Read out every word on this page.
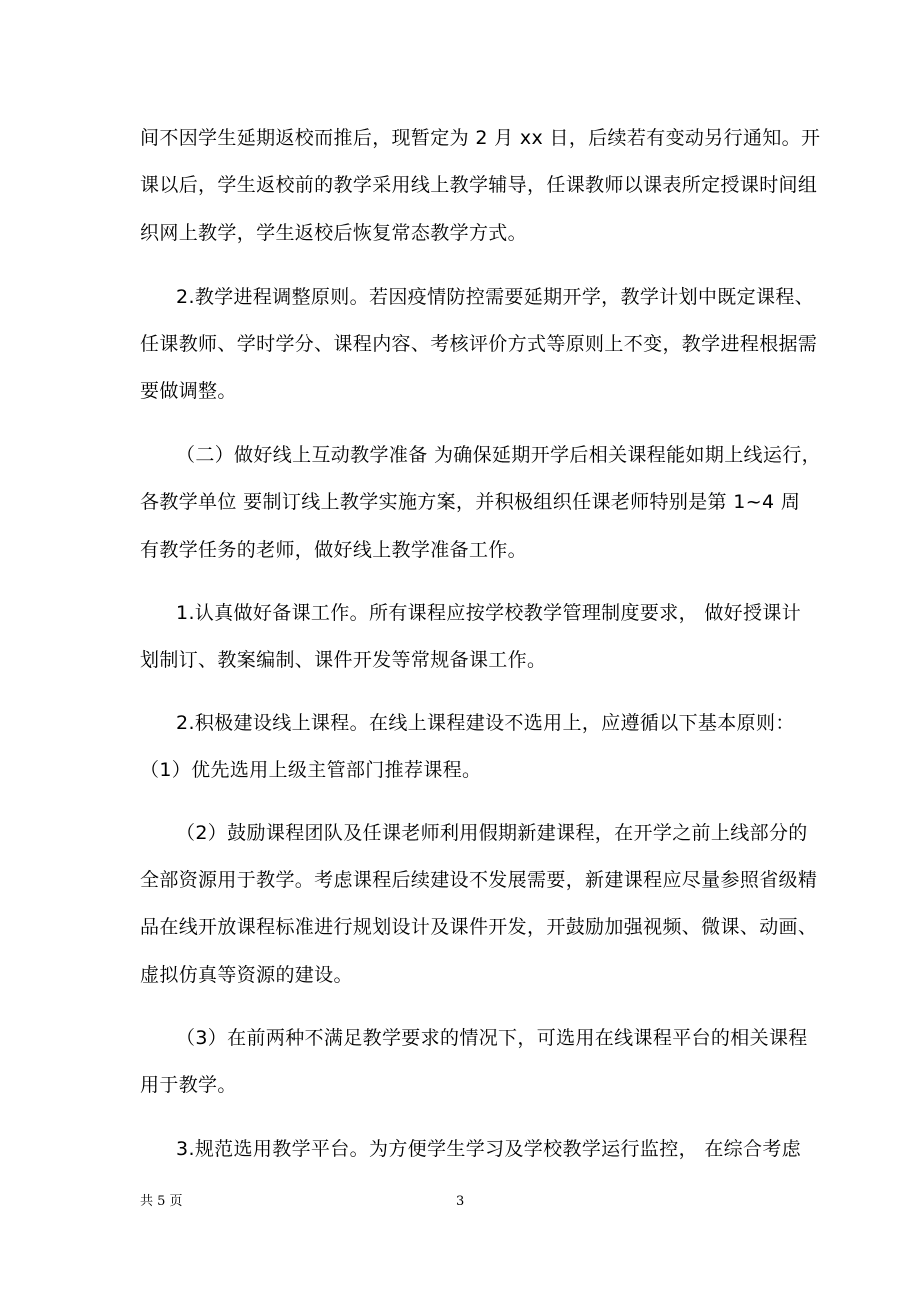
间不因学生延期返校而推后，现暂定为 2 月 xx 日，后续若有变动另行通知。开
课以后，学生返校前的教学采用线上教学辅导，任课教师以课表所定授课时间组
织网上教学，学生返校后恢复常态教学方式。
2.教学进程调整原则。若因疫情防控需要延期开学，教学计划中既定课程、
任课教师、学时学分、课程内容、考核评价方式等原则上不变，教学进程根据需
要做调整。
（二）做好线上互动教学准备 为确保延期开学后相关课程能如期上线运行，
各教学单位 要制订线上教学实施方案，并积极组织任课老师特别是第 1~4 周
有教学任务的老师，做好线上教学准备工作。
1.认真做好备课工作。所有课程应按学校教学管理制度要求， 做好授课计
划制订、教案编制、课件开发等常规备课工作。
2.积极建设线上课程。在线上课程建设不选用上，应遵循以下基本原则：
（1）优先选用上级主管部门推荐课程。
（2）鼓励课程团队及任课老师利用假期新建课程，在开学之前上线部分的
全部资源用于教学。考虑课程后续建设不发展需要，新建课程应尽量参照省级精
品在线开放课程标准进行规划设计及课件开发，开鼓励加强视频、微课、动画、
虚拟仿真等资源的建设。
（3）在前两种不满足教学要求的情况下，可选用在线课程平台的相关课程
用于教学。
3.规范选用教学平台。为方便学生学习及学校教学运行监控， 在综合考虑
共 5 页	3
